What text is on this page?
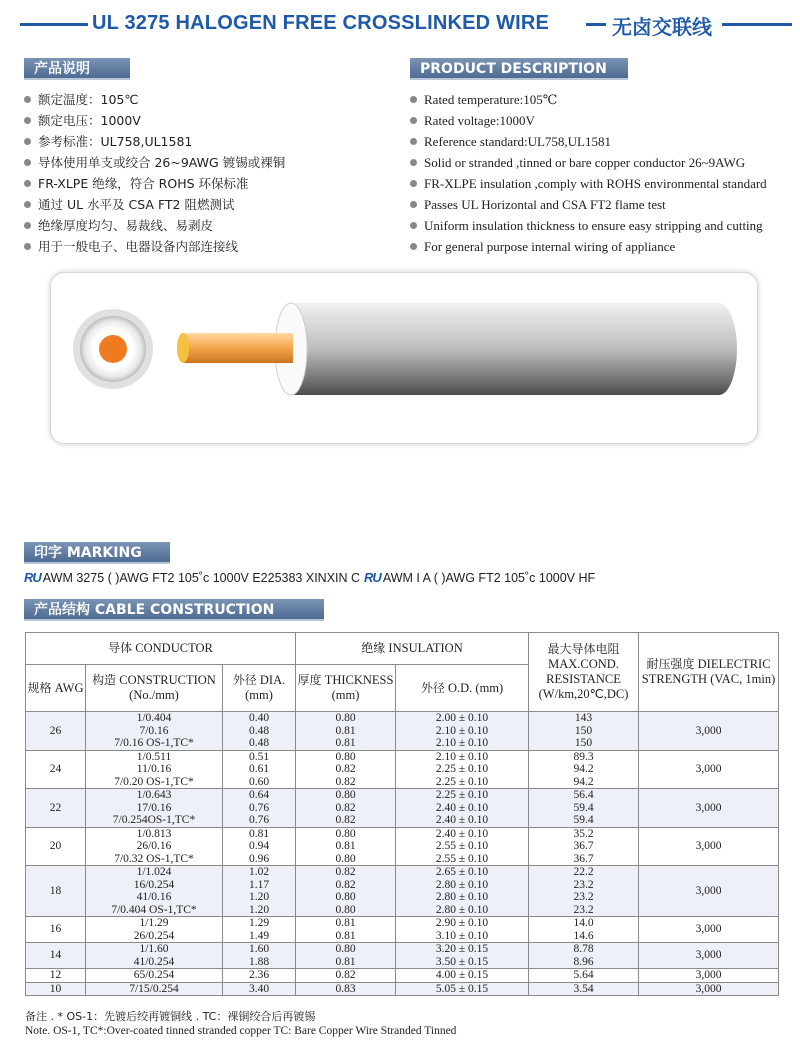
UL 3275 HALOGEN FREE CROSSLINKED WIRE	无卤交联线
产品说明
额定温度：105℃
额定电压：1000V
参考标准：UL758,UL1581
导体使用单支或绞合 26~9AWG 镀锡或裸铜
FR-XLPE 绝缘，符合 ROHS 环保标准
通过 UL 水平及 CSA FT2 阻燃测试
绝缘厚度均匀、易裁线、易剥皮
用于一般电子、电器设备内部连接线
PRODUCT DESCRIPTION
Rated temperature:105℃
Rated voltage:1000V
Reference standard:UL758,UL1581
Solid or stranded ,tinned or bare copper conductor 26~9AWG
FR-XLPE insulation ,comply with ROHS environmental standard
Passes UL Horizontal and CSA FT2 flame test
Uniform insulation thickness to ensure easy stripping and cutting
For general purpose internal wiring of appliance
印字 MARKING
RU AWM 3275 ( )AWG FT2 105˚c 1000V E225383 XINXIN C RU AWM I A ( )AWG FT2 105˚c 1000V HF
产品结构 CABLE CONSTRUCTION
导体 CONDUCTOR			绝缘 INSULATION		最大导体电阻 MAX.COND. RESISTANCE (W/km,20℃,DC)	耐压强度 DIELECTRIC STRENGTH (VAC, 1min)
规格 AWG	构造 CONSTRUCTION (No./mm)	外径 DIA. (mm)	厚度 THICKNESS (mm)	外径 O.D. (mm)		
26	1/0.404
7/0.16
7/0.16 OS-1,TC*	0.40
0.48
0.48	0.80
0.81
0.81	2.00 ± 0.10
2.10 ± 0.10
2.10 ± 0.10	143
150
150	3,000
24	1/0.511
11/0.16
7/0.20 OS-1,TC*	0.51
0.61
0.60	0.80
0.82
0.82	2.10 ± 0.10
2.25 ± 0.10
2.25 ± 0.10	89.3
94.2
94.2	3,000
22	1/0.643
17/0.16
7/0.254OS-1,TC*	0.64
0.76
0.76	0.80
0.82
0.82	2.25 ± 0.10
2.40 ± 0.10
2.40 ± 0.10	56.4
59.4
59.4	3,000
20	1/0.813
26/0.16
7/0.32 OS-1,TC*	0.81
0.94
0.96	0.80
0.81
0.80	2.40 ± 0.10
2.55 ± 0.10
2.55 ± 0.10	35.2
36.7
36.7	3,000
18	1/1.024
16/0.254
41/0.16
7/0.404 OS-1,TC*	1.02
1.17
1.20
1.20	0.82
0.82
0.80
0.80	2.65 ± 0.10
2.80 ± 0.10
2.80 ± 0.10
2.80 ± 0.10	22.2
23.2
23.2
23.2	3,000
16	1/1.29
26/0.254	1.29
1.49	0.81
0.81	2.90 ± 0.10
3.10 ± 0.10	14.0
14.6	3,000
14	1/1.60
41/0.254	1.60
1.88	0.80
0.81	3.20 ± 0.15
3.50 ± 0.15	8.78
8.96	3,000
12	65/0.254	2.36	0.82	4.00 ± 0.15	5.64	3,000
10	7/15/0.254	3.40	0.83	5.05 ± 0.15	3.54	3,000
备注 . * OS-1：先镀后绞再镀铜线 . TC：裸铜绞合后再镀锡
Note. OS-1, TC*:Over-coated tinned stranded copper TC: Bare Copper Wire Stranded Tinned
